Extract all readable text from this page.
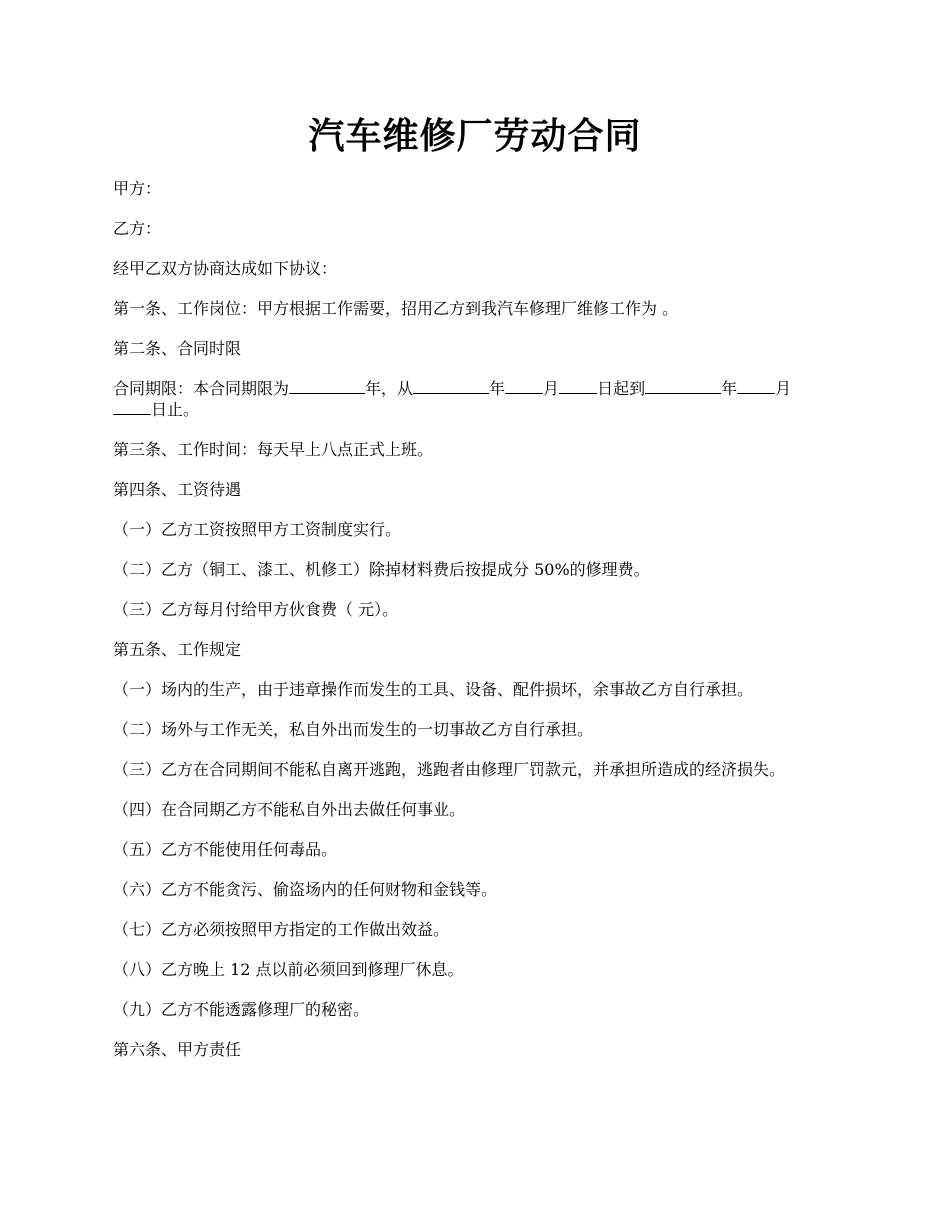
汽车维修厂劳动合同

甲方：

乙方：

经甲乙双方协商达成如下协议：

第一条、工作岗位：甲方根据工作需要，招用乙方到我汽车修理厂维修工作为 。

第二条、合同时限

合同期限：本合同期限为	年，从	年 月 日起到	年 月
日止。

第三条、工作时间：每天早上八点正式上班。

第四条、工资待遇

（一）乙方工资按照甲方工资制度实行。

（二）乙方（铜工、漆工、机修工）除掉材料费后按提成分 50%的修理费。

（三）乙方每月付给甲方伙食费（ 元）。

第五条、工作规定

（一）场内的生产，由于违章操作而发生的工具、设备、配件损坏，余事故乙方自行承担。

（二）场外与工作无关，私自外出而发生的一切事故乙方自行承担。

（三）乙方在合同期间不能私自离开逃跑，逃跑者由修理厂罚款元，并承担所造成的经济损失。

（四）在合同期乙方不能私自外出去做任何事业。

（五）乙方不能使用任何毒品。

（六）乙方不能贪污、偷盗场内的任何财物和金钱等。

（七）乙方必须按照甲方指定的工作做出效益。

（八）乙方晚上 12 点以前必须回到修理厂休息。

（九）乙方不能透露修理厂的秘密。

第六条、甲方责任
